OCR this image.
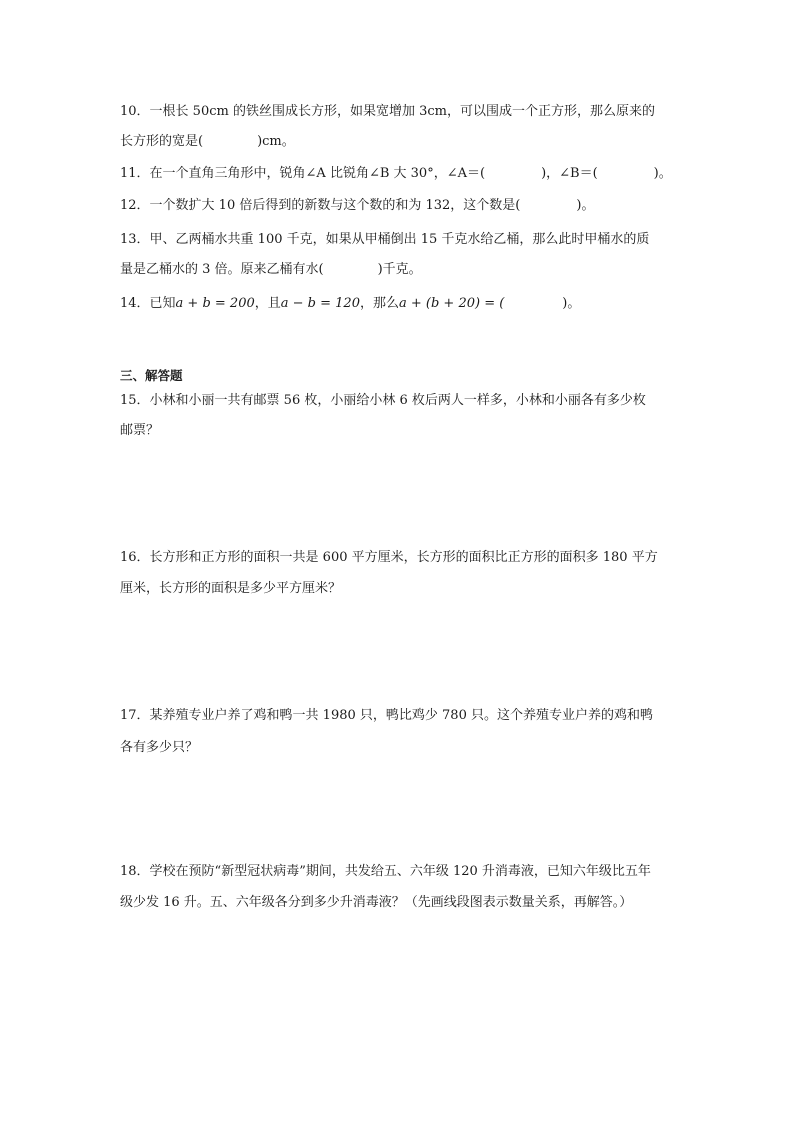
10．一根长 50cm 的铁丝围成长方形，如果宽增加 3cm，可以围成一个正方形，那么原来的
长方形的宽是(	)cm。
11．在一个直角三角形中，锐角∠A 比锐角∠B 大 30°，∠A＝(	)，∠B＝(	)。
12．一个数扩大 10 倍后得到的新数与这个数的和为 132，这个数是(	)。
13．甲、乙两桶水共重 100 千克，如果从甲桶倒出 15 千克水给乙桶，那么此时甲桶水的质
量是乙桶水的 3 倍。原来乙桶有水(	)千克。
14．已知a + b = 200，且a − b = 120，那么a + (b + 20) = (	)。
三、解答题
15．小林和小丽一共有邮票 56 枚，小丽给小林 6 枚后两人一样多，小林和小丽各有多少枚
邮票？
16．长方形和正方形的面积一共是 600 平方厘米，长方形的面积比正方形的面积多 180 平方
厘米，长方形的面积是多少平方厘米？
17．某养殖专业户养了鸡和鸭一共 1980 只，鸭比鸡少 780 只。这个养殖专业户养的鸡和鸭
各有多少只？
18．学校在预防“新型冠状病毒”期间，共发给五、六年级 120 升消毒液，已知六年级比五年
级少发 16 升。五、六年级各分到多少升消毒液？（先画线段图表示数量关系，再解答。）
